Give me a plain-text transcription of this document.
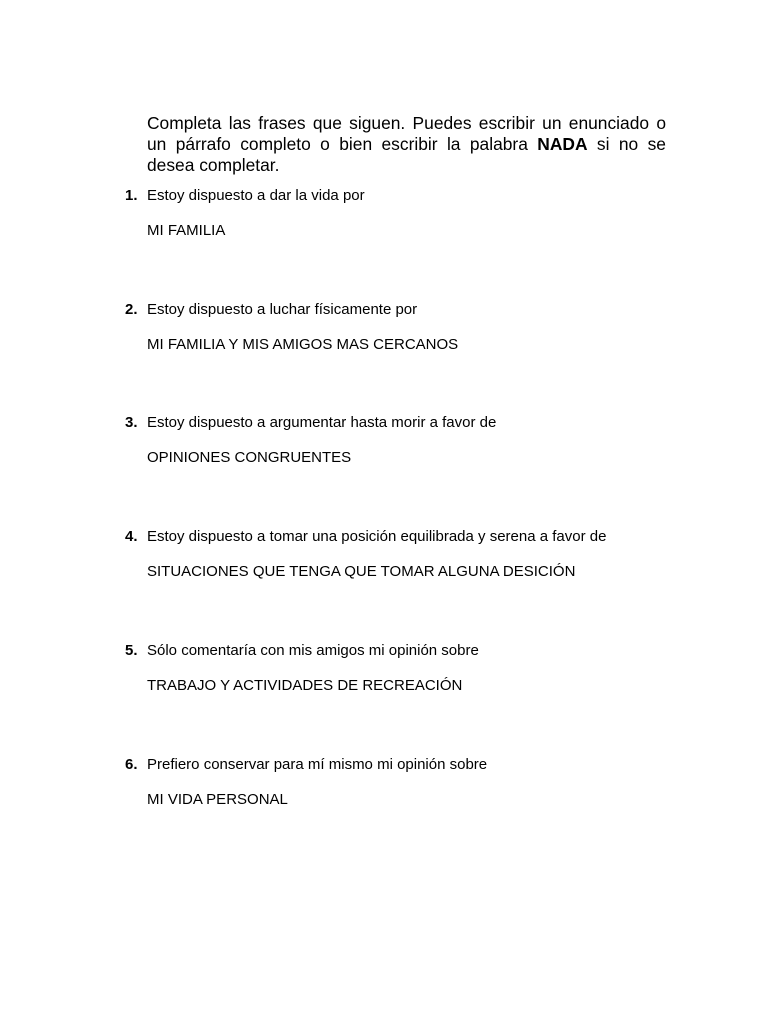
Completa las frases que siguen. Puedes escribir un enunciado o un párrafo completo o bien escribir la palabra NADA si no se desea completar.

1. Estoy dispuesto a dar la vida por
MI FAMILIA
2. Estoy dispuesto a luchar físicamente por
MI FAMILIA Y MIS AMIGOS MAS CERCANOS
3. Estoy dispuesto a argumentar hasta morir a favor de
OPINIONES CONGRUENTES
4. Estoy dispuesto a tomar una posición equilibrada y serena a favor de
SITUACIONES QUE TENGA QUE TOMAR ALGUNA DESICIÓN
5. Sólo comentaría con mis amigos mi opinión sobre
TRABAJO Y ACTIVIDADES DE RECREACIÓN
6. Prefiero conservar para mí mismo mi opinión sobre
MI VIDA PERSONAL
